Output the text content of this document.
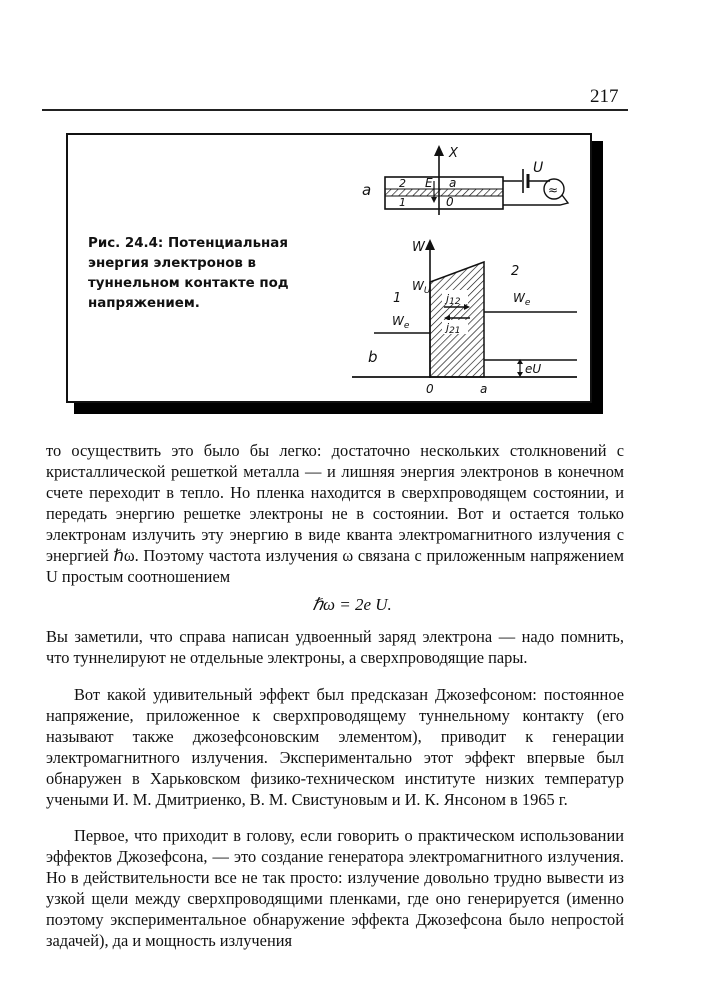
217
Рис. 24.4: Потенциальная энергия электронов в туннельном контакте под напряжением.
a
X
2 E a
1	0
U
≈
b
W
$W_U$
1
2
$W_e$
$W_e$
j12
j21
eU
0	a

то осуществить это было бы легко: достаточно нескольких столкновений с кристаллической решеткой металла — и лишняя энергия электронов в конечном счете переходит в тепло. Но пленка находится в сверхпроводящем состоянии, и передать энергию решетке электроны не в состоянии. Вот и остается только электронам излучить эту энергию в виде кванта электромагнитного излучения с энергией ℏω. Поэтому частота излучения ω связана с приложенным напряжением U простым соотношением

ℏω = 2e U.

Вы заметили, что справа написан удвоенный заряд электрона — надо помнить, что туннелируют не отдельные электроны, а сверхпроводящие пары.

Вот какой удивительный эффект был предсказан Джозефсоном: постоянное напряжение, приложенное к сверхпроводящему туннельному контакту (его называют также джозефсоновским элементом), приводит к генерации электромагнитного излучения. Экспериментально этот эффект впервые был обнаружен в Харьковском физико-техническом институте низких температур учеными И. М. Дмитриенко, В. М. Свистуновым и И. К. Янсоном в 1965 г.

Первое, что приходит в голову, если говорить о практическом использовании эффектов Джозефсона, — это создание генератора электромагнитного излучения. Но в действительности все не так просто: излучение довольно трудно вывести из узкой щели между сверхпроводящими пленками, где оно генерируется (именно поэтому экспериментальное обнаружение эффекта Джозефсона было непростой задачей), да и мощность излучения
